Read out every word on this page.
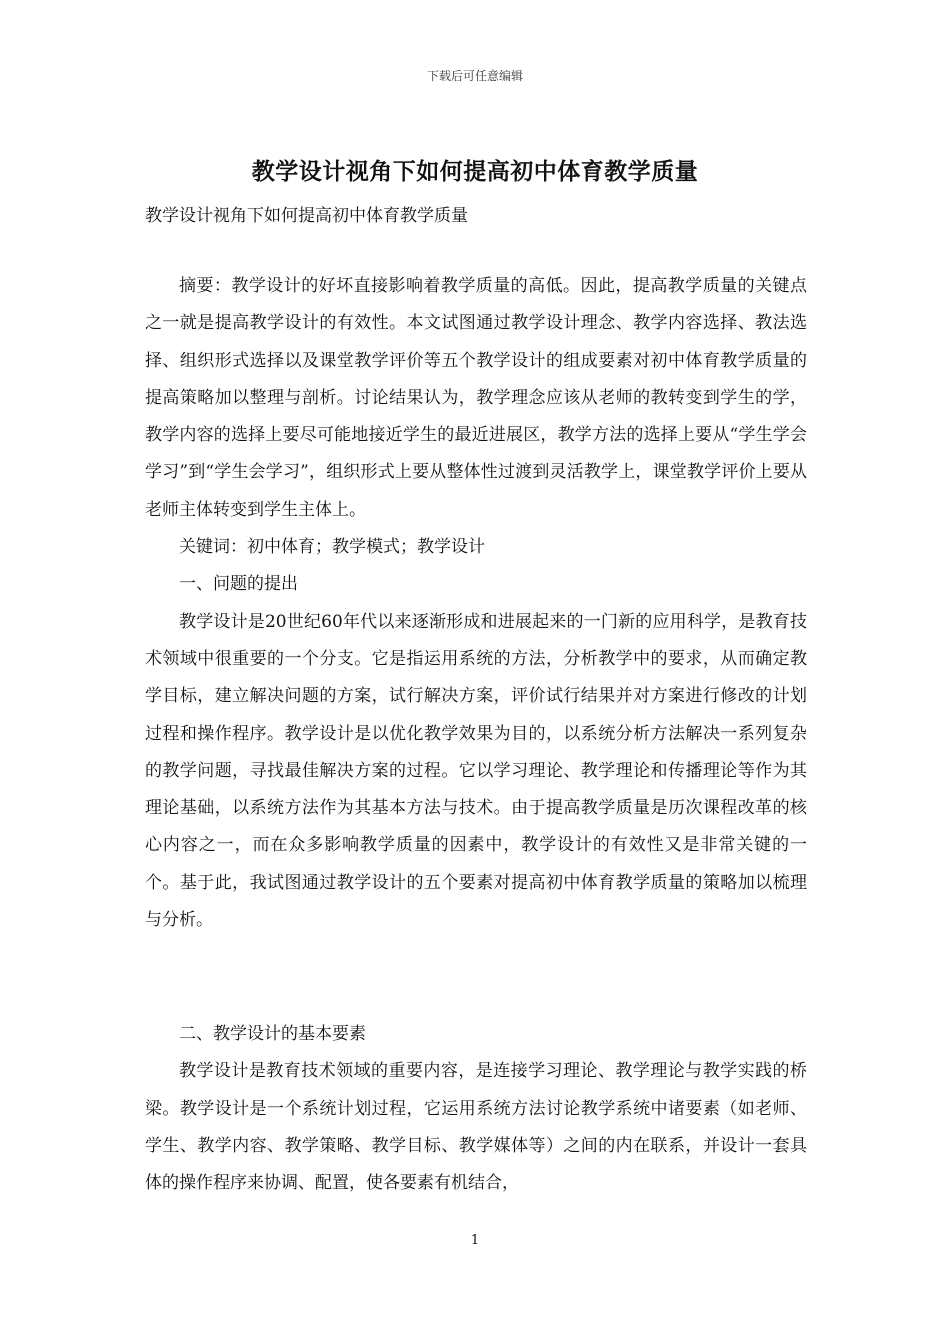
下载后可任意编辑
教学设计视角下如何提高初中体育教学质量
教学设计视角下如何提高初中体育教学质量

摘要：教学设计的好坏直接影响着教学质量的高低。因此，提高教学质量的关键点之一就是提高教学设计的有效性。本文试图通过教学设计理念、教学内容选择、教法选择、组织形式选择以及课堂教学评价等五个教学设计的组成要素对初中体育教学质量的提高策略加以整理与剖析。讨论结果认为，教学理念应该从老师的教转变到学生的学，教学内容的选择上要尽可能地接近学生的最近进展区，教学方法的选择上要从“学生学会学习”到“学生会学习”，组织形式上要从整体性过渡到灵活教学上，课堂教学评价上要从老师主体转变到学生主体上。

关键词：初中体育；教学模式；教学设计

一、问题的提出

教学设计是20世纪60年代以来逐渐形成和进展起来的一门新的应用科学，是教育技术领域中很重要的一个分支。它是指运用系统的方法，分析教学中的要求，从而确定教学目标，建立解决问题的方案，试行解决方案，评价试行结果并对方案进行修改的计划过程和操作程序。教学设计是以优化教学效果为目的，以系统分析方法解决一系列复杂的教学问题，寻找最佳解决方案的过程。它以学习理论、教学理论和传播理论等作为其理论基础，以系统方法作为其基本方法与技术。由于提高教学质量是历次课程改革的核心内容之一，而在众多影响教学质量的因素中，教学设计的有效性又是非常关键的一个。基于此，我试图通过教学设计的五个要素对提高初中体育教学质量的策略加以梳理与分析。

二、教学设计的基本要素

教学设计是教育技术领域的重要内容，是连接学习理论、教学理论与教学实践的桥梁。教学设计是一个系统计划过程，它运用系统方法讨论教学系统中诸要素（如老师、学生、教学内容、教学策略、教学目标、教学媒体等）之间的内在联系，并设计一套具体的操作程序来协调、配置，使各要素有机结合，

1
